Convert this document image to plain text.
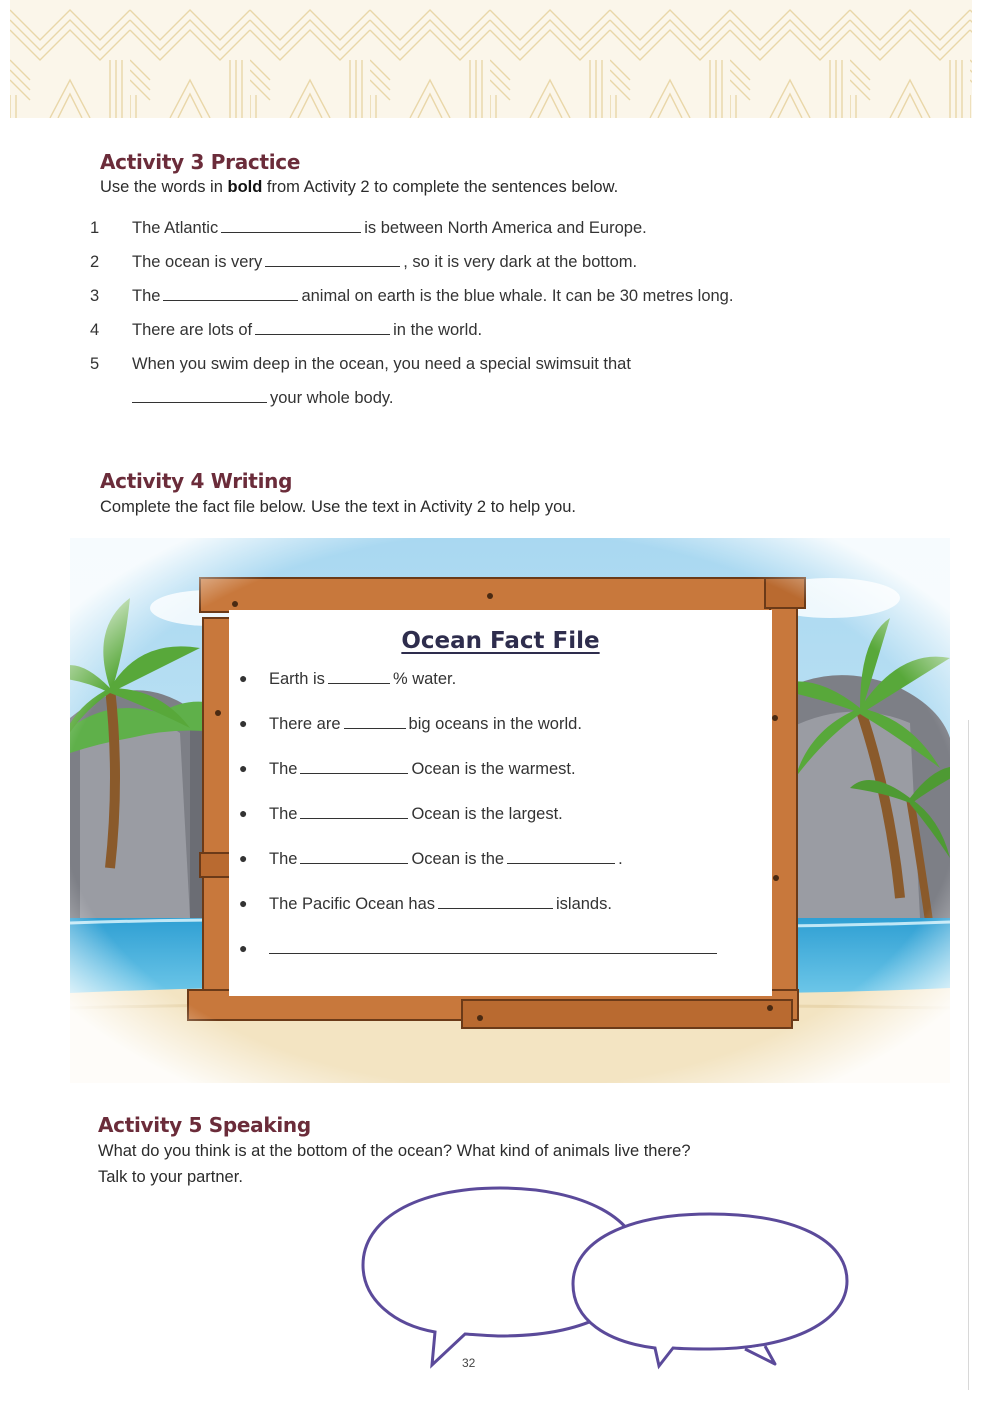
Activity 3 Practice
Use the words in bold from Activity 2 to complete the sentences below.
1	The Atlantic	is between North America and Europe.
2	The ocean is very	, so it is very dark at the bottom.
3	The	animal on earth is the blue whale. It can be 30 metres long.
4	There are lots of	in the world.
5	When you swim deep in the ocean, you need a special swimsuit that
your whole body.
Activity 4 Writing
Complete the fact file below. Use the text in Activity 2 to help you.
Ocean Fact File
● Earth is	% water.
● There are	big oceans in the world.
● The	Ocean is the warmest.
● The	Ocean is the largest.
● The	Ocean is the	.
● The Pacific Ocean has	islands.
●
Activity 5 Speaking
What do you think is at the bottom of the ocean? What kind of animals live there?
Talk to your partner.
32
